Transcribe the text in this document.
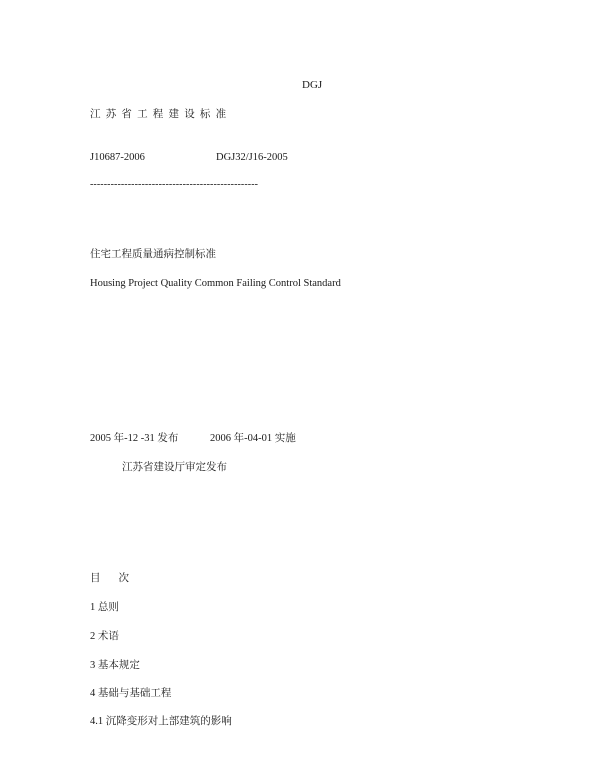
DGJ
江苏省工程建设标准
J10687-2006	DGJ32/J16-2005
-------------------------------------------------
住宅工程质量通病控制标准
Housing Project Quality Common Failing Control Standard
2005 年-12 -31 发布	2006 年-04-01 实施
江苏省建设厅审定发布
目 次
1 总则
2 术语
3 基本规定
4 基础与基础工程
4.1 沉降变形对上部建筑的影响
